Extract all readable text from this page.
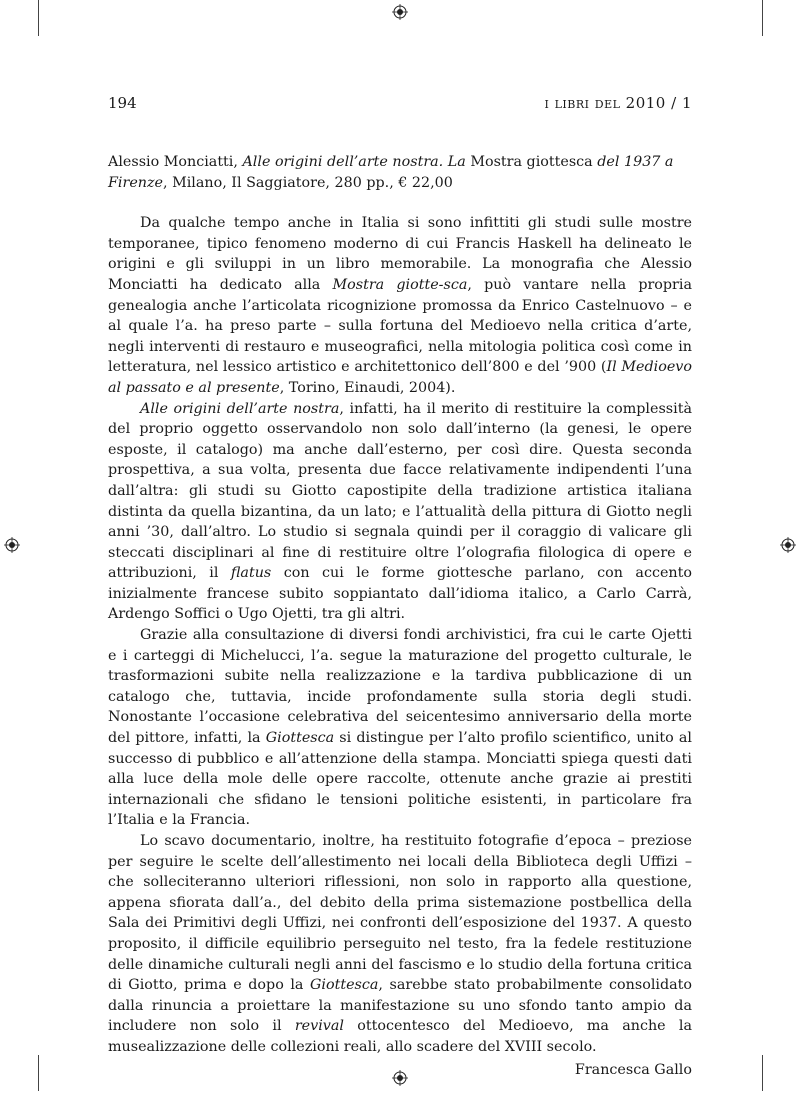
194	i libri del 2010 / 1

Alessio Monciatti, Alle origini dell’arte nostra. La Mostra giottesca del 1937 a Firenze, Milano, Il Saggiatore, 280 pp., € 22,00

Da qualche tempo anche in Italia si sono infittiti gli studi sulle mostre temporanee, tipico fenomeno moderno di cui Francis Haskell ha delineato le origini e gli sviluppi in un libro memorabile. La monografia che Alessio Monciatti ha dedicato alla Mostra giotte-sca, può vantare nella propria genealogia anche l’articolata ricognizione promossa da Enrico Castelnuovo – e al quale l’a. ha preso parte – sulla fortuna del Medioevo nella critica d’arte, negli interventi di restauro e museografici, nella mitologia politica così come in letteratura, nel lessico artistico e architettonico dell’800 e del ’900 (Il Medioevo al passato e al presente, Torino, Einaudi, 2004).

Alle origini dell’arte nostra, infatti, ha il merito di restituire la complessità del proprio oggetto osservandolo non solo dall’interno (la genesi, le opere esposte, il catalogo) ma anche dall’esterno, per così dire. Questa seconda prospettiva, a sua volta, presenta due facce relativamente indipendenti l’una dall’altra: gli studi su Giotto capostipite della tradizione artistica italiana distinta da quella bizantina, da un lato; e l’attualità della pittura di Giotto negli anni ’30, dall’altro. Lo studio si segnala quindi per il coraggio di valicare gli steccati disciplinari al fine di restituire oltre l’olografia filologica di opere e attribuzioni, il flatus con cui le forme giottesche parlano, con accento inizialmente francese subito soppiantato dall’idioma italico, a Carlo Carrà, Ardengo Soffici o Ugo Ojetti, tra gli altri.

Grazie alla consultazione di diversi fondi archivistici, fra cui le carte Ojetti e i carteggi di Michelucci, l’a. segue la maturazione del progetto culturale, le trasformazioni subite nella realizzazione e la tardiva pubblicazione di un catalogo che, tuttavia, incide profondamente sulla storia degli studi. Nonostante l’occasione celebrativa del seicentesimo anniversario della morte del pittore, infatti, la Giottesca si distingue per l’alto profilo scientifico, unito al successo di pubblico e all’attenzione della stampa. Monciatti spiega questi dati alla luce della mole delle opere raccolte, ottenute anche grazie ai prestiti internazionali che sfidano le tensioni politiche esistenti, in particolare fra l’Italia e la Francia.

Lo scavo documentario, inoltre, ha restituito fotografie d’epoca – preziose per seguire le scelte dell’allestimento nei locali della Biblioteca degli Uffizi – che solleciteranno ulteriori riflessioni, non solo in rapporto alla questione, appena sfiorata dall’a., del debito della prima sistemazione postbellica della Sala dei Primitivi degli Uffizi, nei confronti dell’esposizione del 1937. A questo proposito, il difficile equilibrio perseguito nel testo, fra la fedele restituzione delle dinamiche culturali negli anni del fascismo e lo studio della fortuna critica di Giotto, prima e dopo la Giottesca, sarebbe stato probabilmente consolidato dalla rinuncia a proiettare la manifestazione su uno sfondo tanto ampio da includere non solo il revival ottocentesco del Medioevo, ma anche la musealizzazione delle collezioni reali, allo scadere del XVIII secolo.

Francesca Gallo
